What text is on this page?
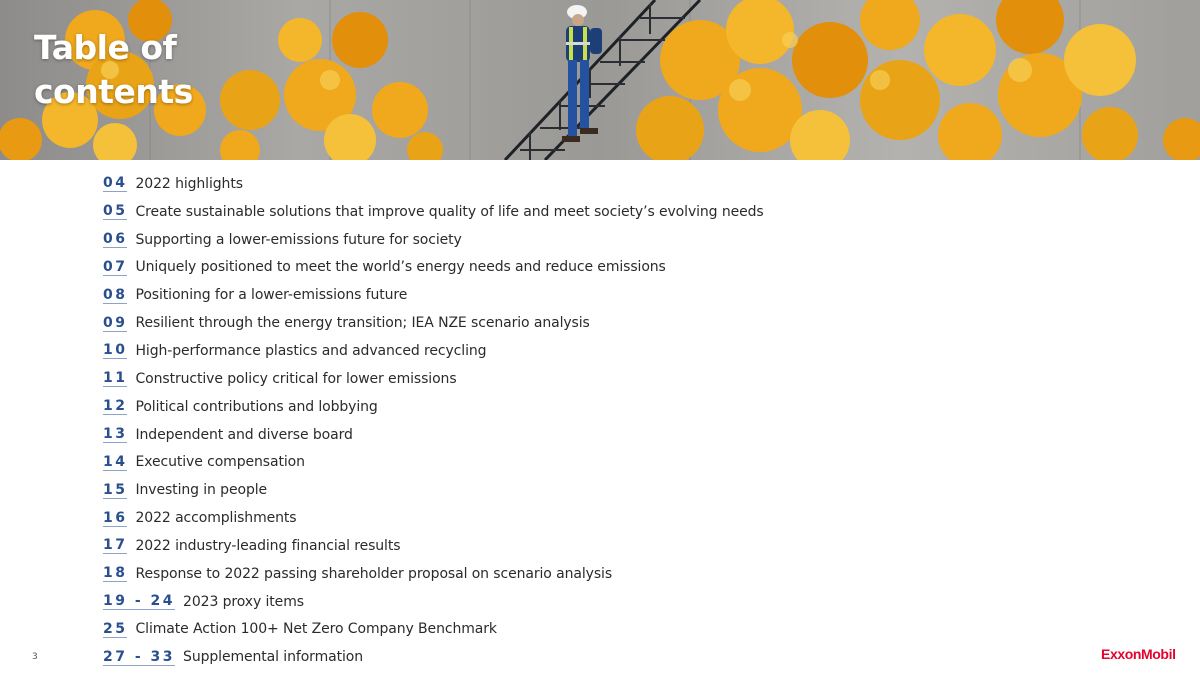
Table of
contents
04 2022 highlights
05 Create sustainable solutions that improve quality of life and meet society’s evolving needs
06 Supporting a lower-emissions future for society
07 Uniquely positioned to meet the world’s energy needs and reduce emissions
08 Positioning for a lower-emissions future
09 Resilient through the energy transition; IEA NZE scenario analysis
10 High-performance plastics and advanced recycling
11 Constructive policy critical for lower emissions
12 Political contributions and lobbying
13 Independent and diverse board
14 Executive compensation
15 Investing in people
16 2022 accomplishments
17 2022 industry-leading financial results
18 Response to 2022 passing shareholder proposal on scenario analysis
19 - 24 2023 proxy items
25 Climate Action 100+ Net Zero Company Benchmark
27 - 33 Supplemental information
3	ExxonMobil
